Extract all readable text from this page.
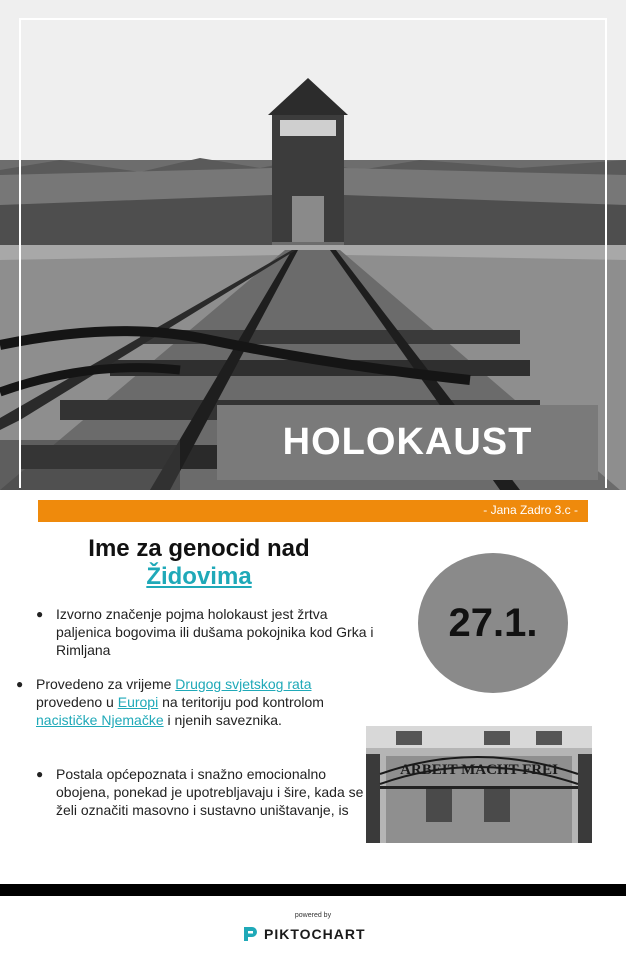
HOLOKAUST
- Jana Zadro 3.c -
Ime za genocid nad
Židovima
27.1.
● Izvorno značenje pojma holokaust jest žrtva paljenica bogovima ili dušama pokojnika kod Grka i Rimljana
● Provedeno za vrijeme Drugog svjetskog rata provedeno u Europi na teritoriju pod kontrolom nacističke Njemačke i njenih saveznika.
● Postala općepoznata i snažno emocionalno obojena, ponekad je upotrebljavaju i šire, kada se želi označiti masovno i sustavno uništavanje, is
ARBEIT MACHT FREI
powered by
PIKTOCHART
